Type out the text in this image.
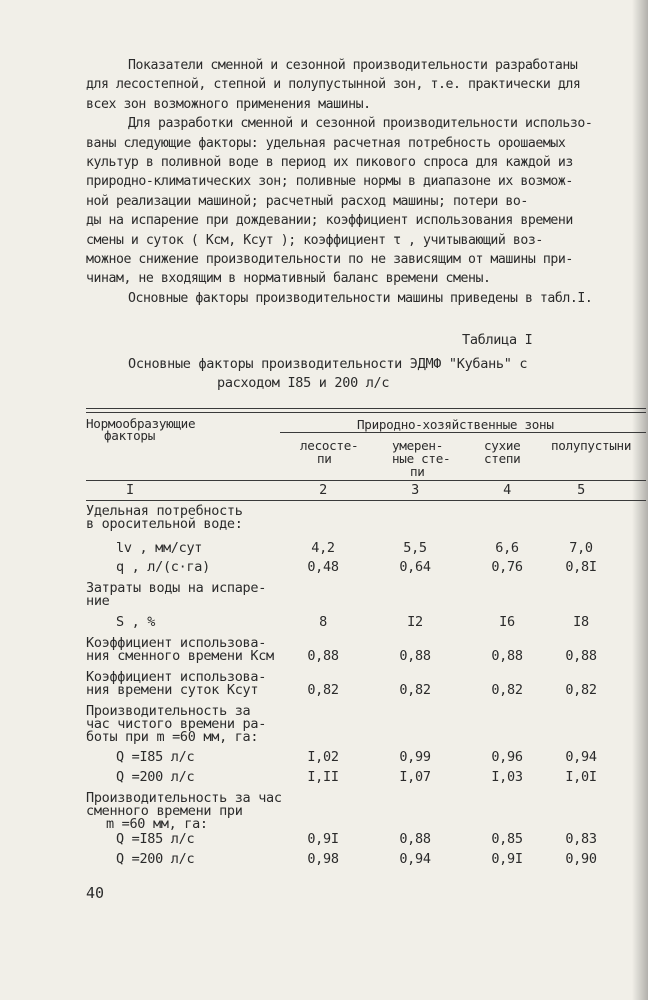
Показатели сменной и сезонной производительности разработаны
для лесостепной, степной и полупустынной зон, т.е. практически для
всех зон возможного применения машины.
Для разработки сменной и сезонной производительности использо-
ваны следующие факторы: удельная расчетная потребность орошаемых
культур в поливной воде в период их пикового спроса для каждой из
природно-климатических зон; поливные нормы в диапазоне их возмож-
ной реализации машиной; расчетный расход машины; потери во-
ды на испарение при дождевании; коэффициент использования времени
смены и суток ( Kсм, Kсут ); коэффициент τ , учитывающий воз-
можное снижение производительности по не зависящим от машины при-
чинам, не входящим в нормативный баланс времени смены.
Основные факторы производительности машины приведены в табл.I.
Таблица I
Основные факторы производительности ЭДМФ "Кубань" с
расходом I85 и 200 л/с
Нормообразующие
факторы
Природно-хозяйственные зоны
лесосте-
пи
умерен-
ные сте-
пи
сухие
степи
полупустыни
I	2	3	4	5
Удельная потребность
в оросительной воде:
lv , мм/сут	4,2	5,5	6,6	7,0
q , л/(с·га)	0,48	0,64	0,76	0,8I
Затраты воды на испаре-
ние
S , %	8	I2	I6	I8
Коэффициент использова-
ния сменного времени Kсм	0,88	0,88	0,88	0,88
Коэффициент использова-
ния времени суток Kсут	0,82	0,82	0,82	0,82
Производительность за
час чистого времени ра-
боты при m =60 мм, га:
Q =I85 л/с	I,02	0,99	0,96	0,94
Q =200 л/с	I,II	I,07	I,03	I,0I
Производительность за час
сменного времени при
m =60 мм, га:
Q =I85 л/с	0,9I	0,88	0,85	0,83
Q =200 л/с	0,98	0,94	0,9I	0,90
40
